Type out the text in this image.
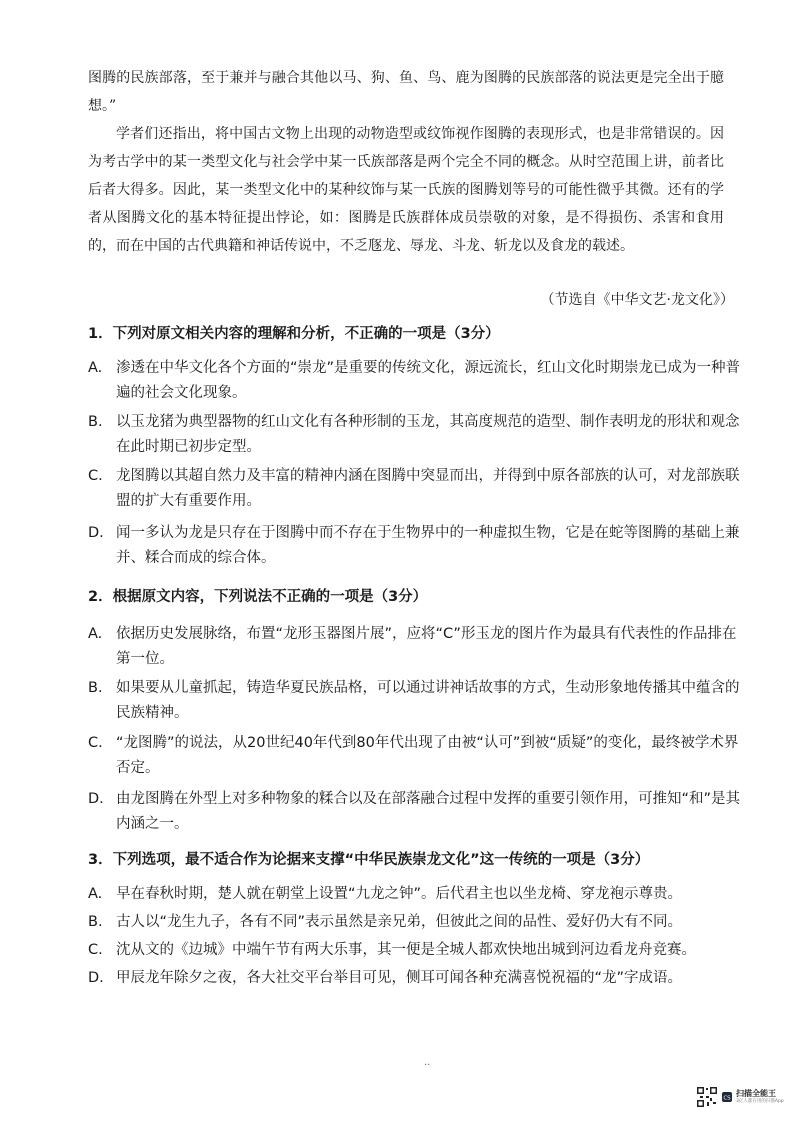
图腾的民族部落，至于兼并与融合其他以马、狗、鱼、鸟、鹿为图腾的民族部落的说法更是完全出于臆想。”

学者们还指出，将中国古文物上出现的动物造型或纹饰视作图腾的表现形式，也是非常错误的。因为考古学中的某一类型文化与社会学中某一氏族部落是两个完全不同的概念。从时空范围上讲，前者比后者大得多。因此，某一类型文化中的某种纹饰与某一氏族的图腾划等号的可能性微乎其微。还有的学者从图腾文化的基本特征提出悖论，如：图腾是氏族群体成员崇敬的对象，是不得损伤、杀害和食用的，而在中国的古代典籍和神话传说中，不乏豗龙、辱龙、斗龙、斩龙以及食龙的载述。

（节选自《中华文艺·龙文化》）

1．下列对原文相关内容的理解和分析，不正确的一项是（3分）

A. 渗透在中华文化各个方面的“崇龙”是重要的传统文化，源远流长，红山文化时期崇龙已成为一种普遍的社会文化现象。
B. 以玉龙猪为典型器物的红山文化有各种形制的玉龙，其高度规范的造型、制作表明龙的形状和观念在此时期已初步定型。
C. 龙图腾以其超自然力及丰富的精神内涵在图腾中突显而出，并得到中原各部族的认可，对龙部族联盟的扩大有重要作用。
D. 闻一多认为龙是只存在于图腾中而不存在于生物界中的一种虚拟生物，它是在蛇等图腾的基础上兼并、糅合而成的综合体。

2．根据原文内容，下列说法不正确的一项是（3分）

A. 依据历史发展脉络，布置“龙形玉器图片展”，应将“C”形玉龙的图片作为最具有代表性的作品排在第一位。
B. 如果要从儿童抓起，铸造华夏民族品格，可以通过讲神话故事的方式，生动形象地传播其中蕴含的民族精神。
C. “龙图腾”的说法，从20世纪40年代到80年代出现了由被“认可”到被“质疑”的变化，最终被学术界否定。
D. 由龙图腾在外型上对多种物象的糅合以及在部落融合过程中发挥的重要引领作用，可推知“和”是其内涵之一。

3．下列选项，最不适合作为论据来支撑“中华民族崇龙文化”这一传统的一项是（3分）

A. 早在春秋时期，楚人就在朝堂上设置“九龙之钟”。后代君主也以坐龙椅、穿龙袍示尊贵。
B. 古人以“龙生九子，各有不同”表示虽然是亲兄弟，但彼此之间的品性、爱好仍大有不同。
C. 沈从文的《边城》中端午节有两大乐事，其一便是全城人都欢快地出城到河边看龙舟竞赛。
D. 甲辰龙年除夕之夜，各大社交平台举目可见，侧耳可闻各种充满喜悦祝福的“龙”字成语。

··

CS
扫描全能王
3亿人都在用的扫描App
